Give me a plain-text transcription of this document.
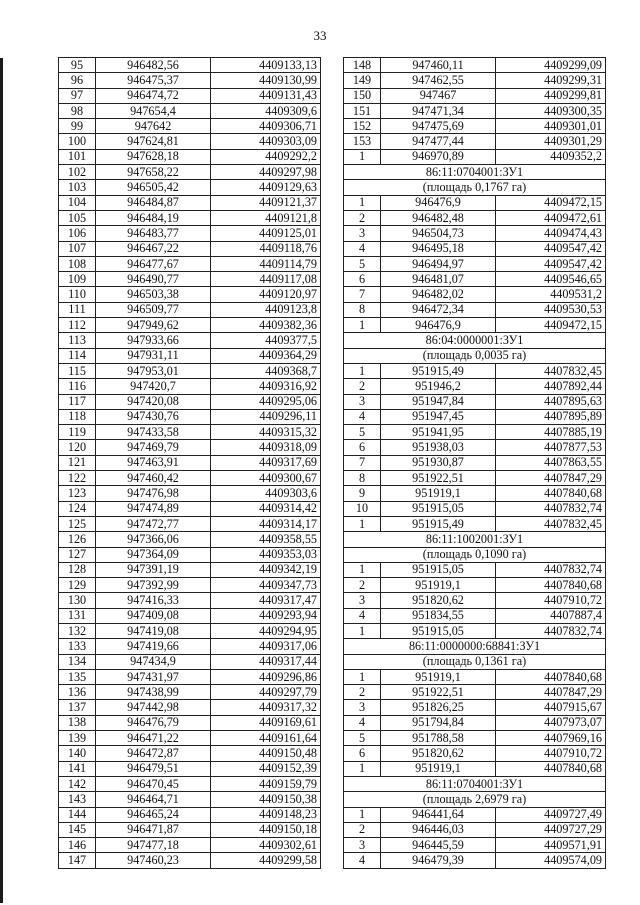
33
95	946482,56	4409133,13
96	946475,37	4409130,99
97	946474,72	4409131,43
98	947654,4	4409309,6
99	947642	4409306,71
100	947624,81	4409303,09
101	947628,18	4409292,2
102	947658,22	4409297,98
103	946505,42	4409129,63
104	946484,87	4409121,37
105	946484,19	4409121,8
106	946483,77	4409125,01
107	946467,22	4409118,76
108	946477,67	4409114,79
109	946490,77	4409117,08
110	946503,38	4409120,97
111	946509,77	4409123,8
112	947949,62	4409382,36
113	947933,66	4409377,5
114	947931,11	4409364,29
115	947953,01	4409368,7
116	947420,7	4409316,92
117	947420,08	4409295,06
118	947430,76	4409296,11
119	947433,58	4409315,32
120	947469,79	4409318,09
121	947463,91	4409317,69
122	947460,42	4409300,67
123	947476,98	4409303,6
124	947474,89	4409314,42
125	947472,77	4409314,17
126	947366,06	4409358,55
127	947364,09	4409353,03
128	947391,19	4409342,19
129	947392,99	4409347,73
130	947416,33	4409317,47
131	947409,08	4409293,94
132	947419,08	4409294,95
133	947419,66	4409317,06
134	947434,9	4409317,44
135	947431,97	4409296,86
136	947438,99	4409297,79
137	947442,98	4409317,32
138	946476,79	4409169,61
139	946471,22	4409161,64
140	946472,87	4409150,48
141	946479,51	4409152,39
142	946470,45	4409159,79
143	946464,71	4409150,38
144	946465,24	4409148,23
145	946471,87	4409150,18
146	947477,18	4409302,61
147	947460,23	4409299,58
148	947460,11	4409299,09
149	947462,55	4409299,31
150	947467	4409299,81
151	947471,34	4409300,35
152	947475,69	4409301,01
153	947477,44	4409301,29
1	946970,89	4409352,2
86:11:0704001:ЗУ1		
(площадь 0,1767 га)		
1	946476,9	4409472,15
2	946482,48	4409472,61
3	946504,73	4409474,43
4	946495,18	4409547,42
5	946494,97	4409547,42
6	946481,07	4409546,65
7	946482,02	4409531,2
8	946472,34	4409530,53
1	946476,9	4409472,15
86:04:0000001:ЗУ1		
(площадь 0,0035 га)		
1	951915,49	4407832,45
2	951946,2	4407892,44
3	951947,84	4407895,63
4	951947,45	4407895,89
5	951941,95	4407885,19
6	951938,03	4407877,53
7	951930,87	4407863,55
8	951922,51	4407847,29
9	951919,1	4407840,68
10	951915,05	4407832,74
1	951915,49	4407832,45
86:11:1002001:ЗУ1		
(площадь 0,1090 га)		
1	951915,05	4407832,74
2	951919,1	4407840,68
3	951820,62	4407910,72
4	951834,55	4407887,4
1	951915,05	4407832,74
86:11:0000000:68841:ЗУ1		
(площадь 0,1361 га)		
1	951919,1	4407840,68
2	951922,51	4407847,29
3	951826,25	4407915,67
4	951794,84	4407973,07
5	951788,58	4407969,16
6	951820,62	4407910,72
1	951919,1	4407840,68
86:11:0704001:ЗУ1		
(площадь 2,6979 га)		
1	946441,64	4409727,49
2	946446,03	4409727,29
3	946445,59	4409571,91
4	946479,39	4409574,09
